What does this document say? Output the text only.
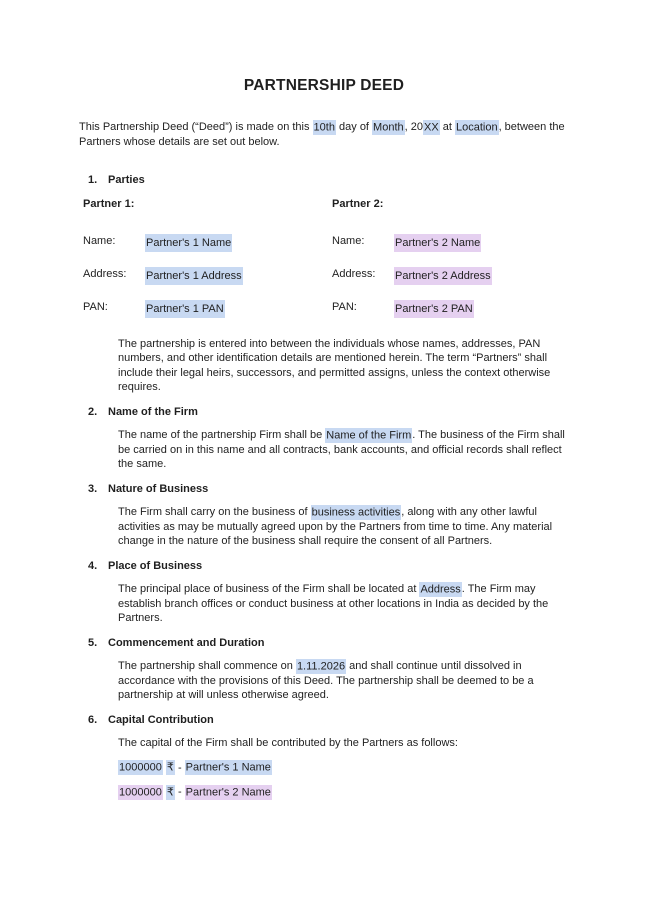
PARTNERSHIP DEED

This Partnership Deed (“Deed”) is made on this 10th day of Month, 20XX at Location, between the Partners whose details are set out below.

1. Parties
Partner 1:	Partner 2:
Name:	Partner's 1 Name	Name:	Partner's 2 Name
Address:	Partner's 1 Address	Address:	Partner's 2 Address
PAN:	Partner's 1 PAN	PAN:	Partner's 2 PAN

The partnership is entered into between the individuals whose names, addresses, PAN numbers, and other identification details are mentioned herein. The term “Partners” shall include their legal heirs, successors, and permitted assigns, unless the context otherwise requires.

2. Name of the Firm

The name of the partnership Firm shall be Name of the Firm. The business of the Firm shall be carried on in this name and all contracts, bank accounts, and official records shall reflect the same.

3. Nature of Business

The Firm shall carry on the business of business activities, along with any other lawful activities as may be mutually agreed upon by the Partners from time to time. Any material change in the nature of the business shall require the consent of all Partners.

4. Place of Business

The principal place of business of the Firm shall be located at Address. The Firm may establish branch offices or conduct business at other locations in India as decided by the Partners.

5. Commencement and Duration

The partnership shall commence on 1.11.2026 and shall continue until dissolved in accordance with the provisions of this Deed. The partnership shall be deemed to be a partnership at will unless otherwise agreed.

6. Capital Contribution

The capital of the Firm shall be contributed by the Partners as follows:

1000000 ₹ - Partner's 1 Name

1000000 ₹ - Partner's 2 Name
